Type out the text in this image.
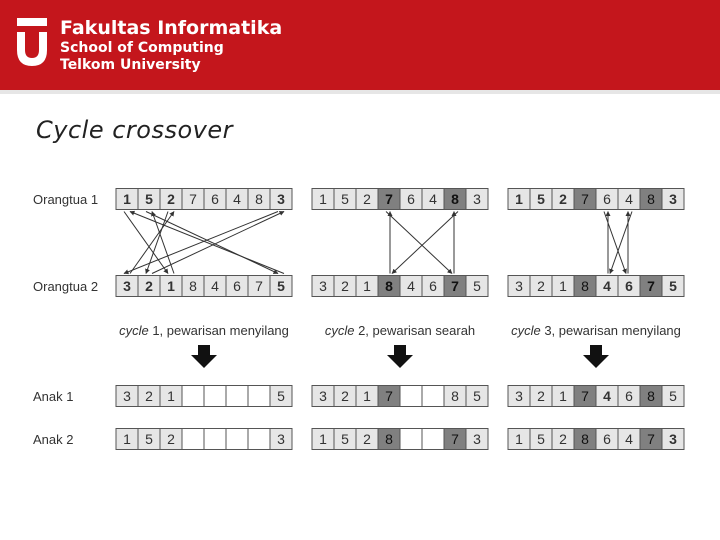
Fakultas Informatika
School of Computing
Telkom University
Cycle crossover
Orangtua 1
Orangtua 2
Anak 1
Anak 2
1 5 2 7 6 4 8 3
3 2 1 8 4 6 7 5
3 2 1	5
1 5 2	3
cycle 1, pewarisan menyilang
1 5 2 7 6 4 8 3
3 2 1 8 4 6 7 5
3 2 1 7	8 5
1 5 2 8	7 3
cycle 2, pewarisan searah
1 5 2 7 6 4 8 3
3 2 1 8 4 6 7 5
3 2 1 7 4 6 8 5
1 5 2 8 6 4 7 3
cycle 3, pewarisan menyilang
